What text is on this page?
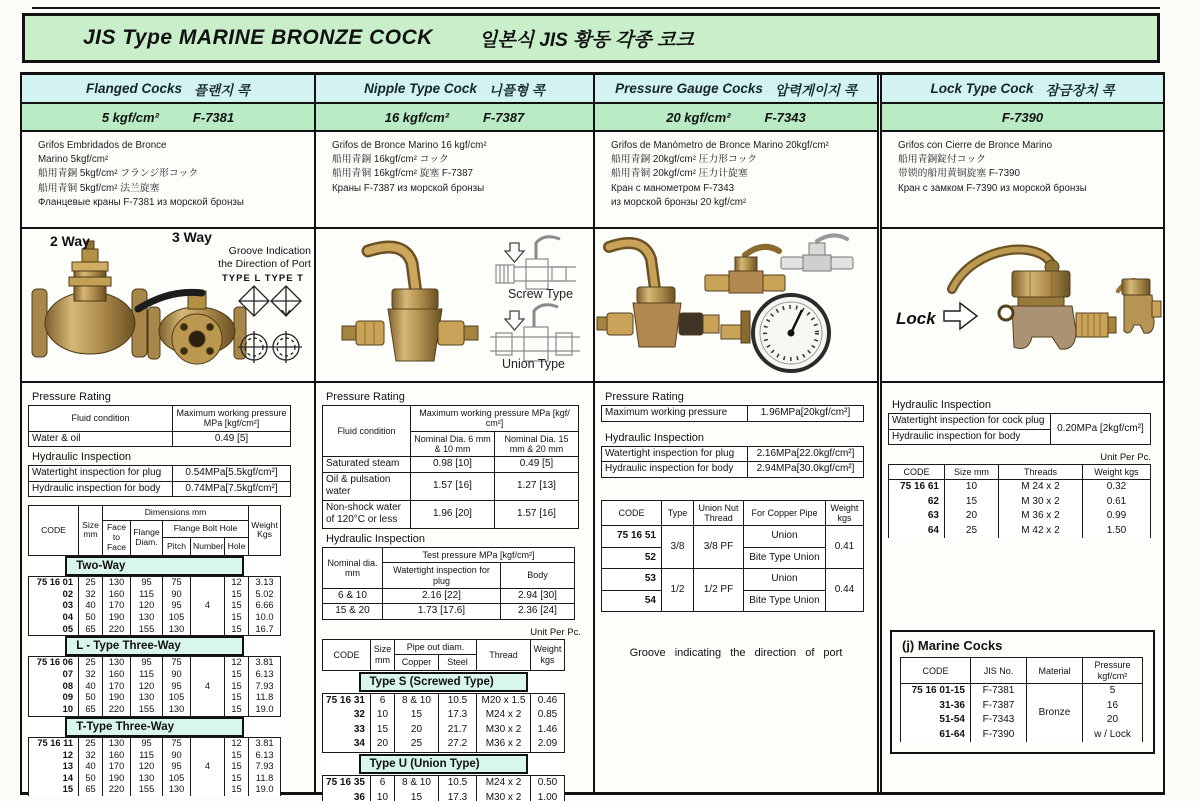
JIS Type MARINE BRONZE COCK 일본식 JIS 황동 각종 코크
Flanged Cocks 플랜지 콕
5 kgf/cm²	F-7381
Grifos Embridados de Bronce
Marino 5kgf/cm²
船用青銅 5kgf/cm² フランジ形コック
船用青铜 5kgf/cm² 法兰旋塞
Фланцевые краны F-7381 из морской бронзы
2 Way	3 Way
Groove Indication
the Direction of Port
TYPE L TYPE T
Pressure Rating
Fluid condition	Maximum working pressure MPa [kgf/cm²]
Water & oil	0.49 [5]
Hydraulic Inspection
Watertight inspection for plug	0.54MPa[5.5kgf/cm²]
Hydraulic inspection for body	0.74MPa[7.5kgf/cm²]
CODE	Size mm	Dimensions mm					Weight Kgs
		Face to Face	Flange Diam.	Flange Bolt Hole			
				Pitch	Number	Hole	
Two-Way							
75 16 01	25	130	95	75	4	12	3.13
02	32	160	115	90		15	5.02
03	40	170	120	95		15	6.66
04	50	190	130	105		15	10.0
05	65	220	155	130		15	16.7
L - Type Three-Way							
75 16 06	25	130	95	75	4	12	3.81
07	32	160	115	90		15	6.13
08	40	170	120	95		15	7.93
09	50	190	130	105		15	11.8
10	65	220	155	130		15	19.0
T-Type Three-Way							
75 16 11	25	130	95	75	4	12	3.81
12	32	160	115	90		15	6.13
13	40	170	120	95		15	7.93
14	50	190	130	105		15	11.8
15	65	220	155	130		15	19.0
Nipple Type Cock 니플형 콕
16 kgf/cm²	F-7387
Grifos de Bronce Marino 16 kgf/cm²
船用青銅 16kgf/cm² コック
船用青铜 16kgf/cm² 旋塞 F-7387
Краны F-7387 из морской бронзы
Screw Type
Union Type
Pressure Rating
Fluid condition	Maximum working pressure MPa [kgf/ cm²]	
	Nominal Dia. 6 mm & 10 mm	Nominal Dia. 15 mm & 20 mm
Saturated steam	0.98 [10]	0.49 [5]
Oil & pulsation water	1.57 [16]	1.27 [13]
Non-shock water of 120°C or less	1.96 [20]	1.57 [16]
Hydraulic Inspection
Nominal dia. mm	Test pressure MPa [kgf/cm²]	
	Watertight inspection for plug	Body
6 & 10	2.16 [22]	2.94 [30]
15 & 20	1.73 [17.6]	2.36 [24]
Unit Per Pc.
CODE	Size mm	Pipe out diam.		Thread	Weight kgs
		Copper	Steel		
Type S (Screwed Type)					
75 16 31	6	8 & 10	10.5	M20 x 1.5	0.46
32	10	15	17.3	M24 x 2	0.85
33	15	20	21.7	M30 x 2	1.46
34	20	25	27.2	M36 x 2	2.09
Type U (Union Type)					
75 16 35	6	8 & 10	10.5	M24 x 2	0.50
36	10	15	17.3	M30 x 2	1.00
Pressure Gauge Cocks 압력게이지 콕
20 kgf/cm²	F-7343
Grifos de Manómetro de Bronce Marino 20kgf/cm²
船用青銅 20kgf/cm² 圧力形コック
船用青铜 20kgf/cm² 圧力计旋塞
Кран с манометром F-7343
из морской бронзы 20 kgf/cm²
Pressure Rating
Maximum working pressure	1.96MPa[20kgf/cm²]
Hydraulic Inspection
Watertight inspection for plug	2.16MPa[22.0kgf/cm²]
Hydraulic inspection for body	2.94MPa[30.0kgf/cm²]
CODE	Type	Union Nut Thread	For Copper Pipe	Weight kgs
75 16 51	3/8	3/8 PF	Union	0.41
52			Bite Type Union	
53	1/2	1/2 PF	Union	0.44
54			Bite Type Union	
Groove indicating the direction of port
Lock Type Cock 잠금장치 콕
F-7390
Grifos con Cierre de Bronce Marino
船用青銅錠付コック
带锁的船用黄铜旋塞 F-7390
Кран с замком F-7390 из морской бронзы
Lock
Hydraulic Inspection
Watertight inspection for cock plug	0.20MPa [2kgf/cm²]
Hydraulic inspection for body
Unit Per Pc.
CODE	Size mm	Threads	Weight kgs
75 16 61	10	M 24 x 2	0.32
62	15	M 30 x 2	0.61
63	20	M 36 x 2	0.99
64	25	M 42 x 2	1.50
(j) Marine Cocks
CODE	JIS No.	Material	Pressure kgf/cm²
75 16 01-15	F-7381	Bronze	5
31-36	F-7387		16
51-54	F-7343		20
61-64	F-7390		w / Lock
